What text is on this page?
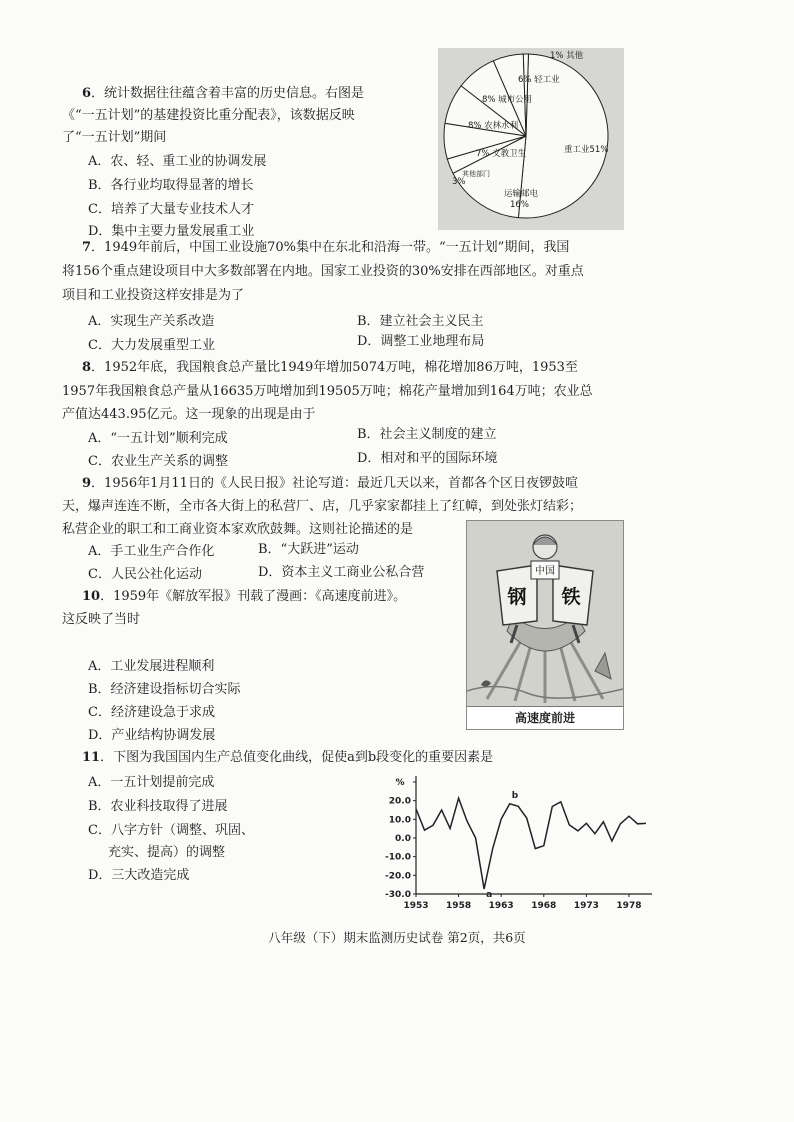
6．统计数据往往蕴含着丰富的历史信息。右图是
《“一五计划”的基建投资比重分配表》，该数据反映
了“一五计划”期间
A．农、轻、重工业的协调发展
B．各行业均取得显著的增长
C．培养了大量专业技术人才
D．集中主要力量发展重工业
重工业51%
运输邮电 16%
3%
其他部门
7% 文教卫生
8% 农林水利
8% 城市公用
6% 轻工业
1% 其他
7．1949年前后，中国工业设施70%集中在东北和沿海一带。“一五计划”期间，我国
将156个重点建设项目中大多数部署在内地。国家工业投资的30%安排在西部地区。对重点
项目和工业投资这样安排是为了
A．实现生产关系改造	B．建立社会主义民主
C．大力发展重型工业	D．调整工业地理布局
8．1952年底，我国粮食总产量比1949年增加5074万吨，棉花增加86万吨，1953至
1957年我国粮食总产量从16635万吨增加到19505万吨；棉花产量增加到164万吨；农业总
产值达443.95亿元。这一现象的出现是由于
A．“一五计划”顺利完成	B．社会主义制度的建立
C．农业生产关系的调整	D．相对和平的国际环境
9．1956年1月11日的《人民日报》社论写道：最近几天以来，首都各个区日夜锣鼓喧
天，爆声连连不断，全市各大街上的私营厂、店，几乎家家都挂上了红幛，到处张灯结彩；
私营企业的职工和工商业资本家欢欣鼓舞。这则社论描述的是
A．手工业生产合作化	B．“大跃进”运动
C．人民公社化运动	D．资本主义工商业公私合营
10．1959年《解放军报》刊载了漫画：《高速度前进》。
这反映了当时
A．工业发展进程顺利
B．经济建设指标切合实际
C．经济建设急于求成
D．产业结构协调发展
中国
钢 铁
高速度前进
11．下图为我国国内生产总值变化曲线，促使a到b段变化的重要因素是
A．一五计划提前完成
B．农业科技取得了进展
C．八字方针（调整、巩固、
充实、提高）的调整
D．三大改造完成
%
20.0
10.0
0.0
-10.0
-20.0
-30.0
1953 1958 1963 1968 1973 1978
a
b
八年级（下）期末监测历史试卷 第2页，共6页
